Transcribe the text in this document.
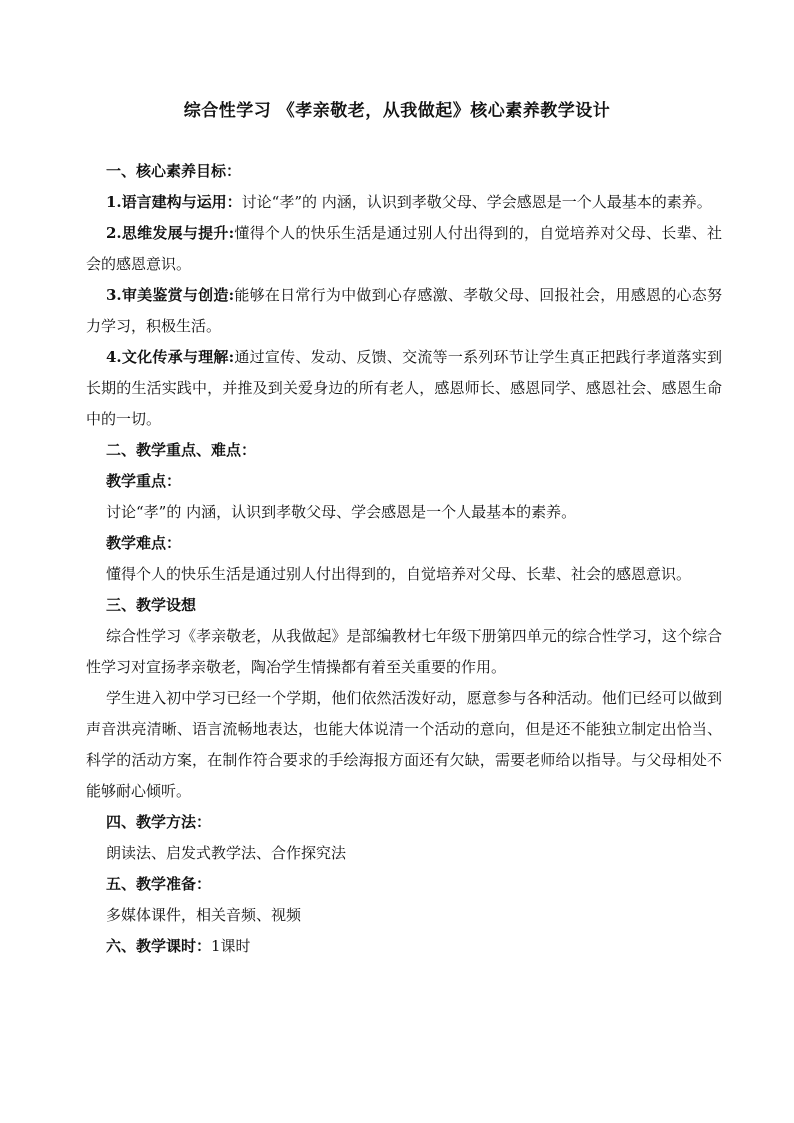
综合性学习 《孝亲敬老，从我做起》核心素养教学设计

一、核心素养目标：

1.语言建构与运用：讨论“孝”的 内涵，认识到孝敬父母、学会感恩是一个人最基本的素养。

2.思维发展与提升:懂得个人的快乐生活是通过别人付出得到的，自觉培养对父母、长辈、社会的感恩意识。

3.审美鉴赏与创造:能够在日常行为中做到心存感激、孝敬父母、回报社会，用感恩的心态努力学习，积极生活。

4.文化传承与理解:通过宣传、发动、反馈、交流等一系列环节让学生真正把践行孝道落实到长期的生活实践中，并推及到关爱身边的所有老人，感恩师长、感恩同学、感恩社会、感恩生命中的一切。

二、教学重点、难点：

教学重点：

讨论“孝”的 内涵，认识到孝敬父母、学会感恩是一个人最基本的素养。

教学难点：

懂得个人的快乐生活是通过别人付出得到的，自觉培养对父母、长辈、社会的感恩意识。

三、教学设想

综合性学习《孝亲敬老，从我做起》是部编教材七年级下册第四单元的综合性学习，这个综合性学习对宣扬孝亲敬老，陶冶学生情操都有着至关重要的作用。

学生进入初中学习已经一个学期，他们依然活泼好动，愿意参与各种活动。他们已经可以做到声音洪亮清晰、语言流畅地表达，也能大体说清一个活动的意向，但是还不能独立制定出恰当、科学的活动方案，在制作符合要求的手绘海报方面还有欠缺，需要老师给以指导。与父母相处不能够耐心倾听。

四、教学方法：

朗读法、启发式教学法、合作探究法

五、教学准备：

多媒体课件，相关音频、视频

六、教学课时：1课时
